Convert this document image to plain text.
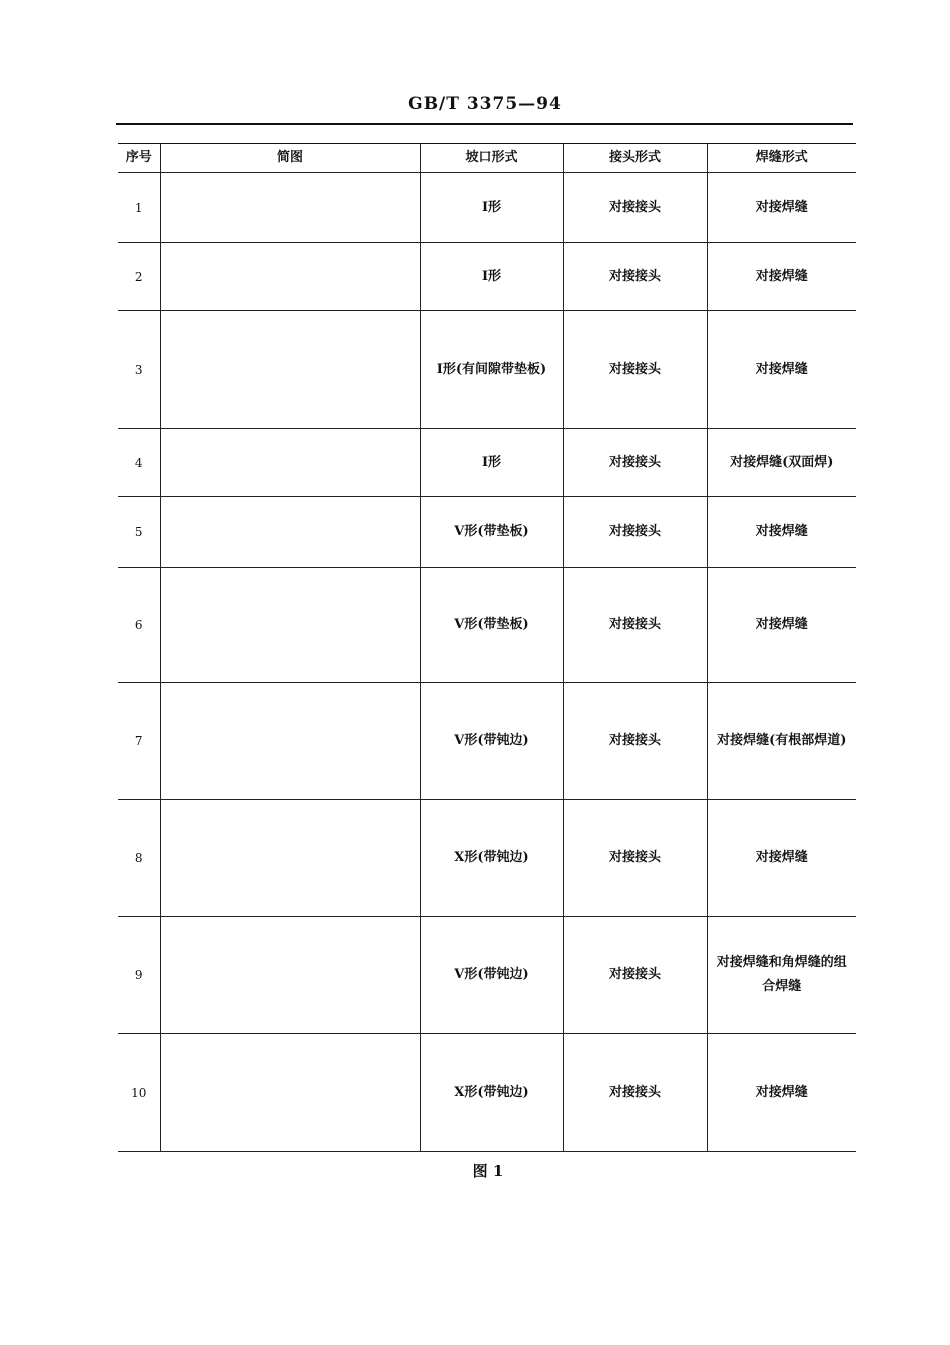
GB/T 3375—94
序号	简图	坡口形式	接头形式	焊缝形式
1		I形	对接接头	对接焊缝
2		I形	对接接头	对接焊缝
3		I形(有间隙带垫板)	对接接头	对接焊缝
4		I形	对接接头	对接焊缝(双面焊)
5		V形(带垫板)	对接接头	对接焊缝
6		V形(带垫板)	对接接头	对接焊缝
7		V形(带钝边)	对接接头	对接焊缝(有根部焊道)
8		X形(带钝边)	对接接头	对接焊缝
9		V形(带钝边)	对接接头	对接焊缝和角焊缝的组合焊缝
10		X形(带钝边)	对接接头	对接焊缝
图 1
